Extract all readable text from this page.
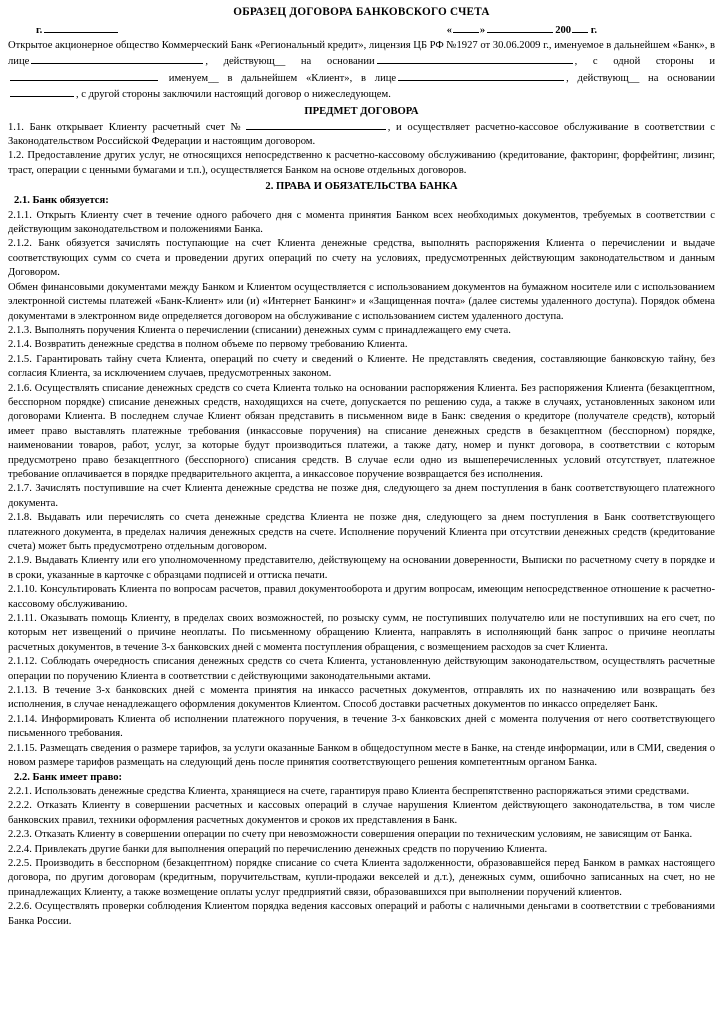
ОБРАЗЕЦ ДОГОВОРА БАНКОВСКОГО СЧЕТА
г.	«	»	200 г.

Открытое акционерное общество Коммерческий Банк «Региональный кредит», лицензия ЦБ РФ №1927 от 30.06.2009 г., именуемое в дальнейшем «Банк», в лице	, действующ__ на основании	, с одной стороны и именуем__ в дальнейшем «Клиент», в лице	, действующ__ на основании, с другой стороны заключили настоящий договор о нижеследующем.

ПРЕДМЕТ ДОГОВОРА

1.1. Банк открывает Клиенту расчетный счет №	, и осуществляет расчетно-кассовое обслуживание в соответствии с Законодательством Российской Федерации и настоящим договором.

1.2. Предоставление других услуг, не относящихся непосредственно к расчетно-кассовому обслуживанию (кредитование, факторинг, форфейтинг, лизинг, траст, операции с ценными бумагами и т.п.), осуществляется Банком на основе отдельных договоров.

2. ПРАВА И ОБЯЗАТЕЛЬСТВА БАНКА

2.1. Банк обязуется:

2.1.1. Открыть Клиенту счет в течение одного рабочего дня с момента принятия Банком всех необходимых документов, требуемых в соответствии с действующим законодательством и положениями Банка.

2.1.2. Банк обязуется зачислять поступающие на счет Клиента денежные средства, выполнять распоряжения Клиента о перечислении и выдаче соответствующих сумм со счета и проведении других операций по счету на условиях, предусмотренных действующим законодательством и данным Договором.

Обмен финансовыми документами между Банком и Клиентом осуществляется с использованием документов на бумажном носителе или с использованием электронной системы платежей «Банк-Клиент» или (и) «Интернет Банкинг» и «Защищенная почта» (далее системы удаленного доступа). Порядок обмена документами в электронном виде определяется договором на обслуживание с использованием систем удаленного доступа.

2.1.3. Выполнять поручения Клиента о перечислении (списании) денежных сумм с принадлежащего ему счета.

2.1.4. Возвратить денежные средства в полном объеме по первому требованию Клиента.

2.1.5. Гарантировать тайну счета Клиента, операций по счету и сведений о Клиенте. Не представлять сведения, составляющие банковскую тайну, без согласия Клиента, за исключением случаев, предусмотренных законом.

2.1.6. Осуществлять списание денежных средств со счета Клиента только на основании распоряжения Клиента. Без распоряжения Клиента (безакцептном, бесспорном порядке) списание денежных средств, находящихся на счете, допускается по решению суда, а также в случаях, установленных законом или договорами Клиента. В последнем случае Клиент обязан представить в письменном виде в Банк: сведения о кредиторе (получателе средств), который имеет право выставлять платежные требования (инкассовые поручения) на списание денежных средств в безакцептном (бесспорном) порядке, наименовании товаров, работ, услуг, за которые будут производиться платежи, а также дату, номер и пункт договора, в соответствии с которым предусмотрено право безакцептного (бесспорного) списания средств. В случае если одно из вышеперечисленных условий отсутствует, платежное требование оплачивается в порядке предварительного акцепта, а инкассовое поручение возвращается без исполнения.

2.1.7. Зачислять поступившие на счет Клиента денежные средства не позже дня, следующего за днем поступления в банк соответствующего платежного документа.

2.1.8. Выдавать или перечислять со счета денежные средства Клиента не позже дня, следующего за днем поступления в Банк соответствующего платежного документа, в пределах наличия денежных средств на счете. Исполнение поручений Клиента при отсутствии денежных средств (кредитование счета) может быть предусмотрено отдельным договором.

2.1.9. Выдавать Клиенту или его уполномоченному представителю, действующему на основании доверенности, Выписки по расчетному счету в порядке и в сроки, указанные в карточке с образцами подписей и оттиска печати.

2.1.10. Консультировать Клиента по вопросам расчетов, правил документооборота и другим вопросам, имеющим непосредственное отношение к расчетно-кассовому обслуживанию.

2.1.11. Оказывать помощь Клиенту, в пределах своих возможностей, по розыску сумм, не поступивших получателю или не поступивших на его счет, по которым нет извещений о причине неоплаты. По письменному обращению Клиента, направлять в исполняющий банк запрос о причине неоплаты расчетных документов, в течение 3-х банковских дней с момента поступления обращения, с возмещением расходов за счет Клиента.

2.1.12. Соблюдать очередность списания денежных средств со счета Клиента, установленную действующим законодательством, осуществлять расчетные операции по поручению Клиента в соответствии с действующими законодательными актами.

2.1.13. В течение 3-х банковских дней с момента принятия на инкассо расчетных документов, отправлять их по назначению или возвращать без исполнения, в случае ненадлежащего оформления документов Клиентом. Способ доставки расчетных документов по инкассо определяет Банк.

2.1.14. Информировать Клиента об исполнении платежного поручения, в течение 3-х банковских дней с момента получения от него соответствующего письменного требования.

2.1.15. Размещать сведения о размере тарифов, за услуги оказанные Банком в общедоступном месте в Банке, на стенде информации, или в СМИ, сведения о новом размере тарифов размещать на следующий день после принятия соответствующего решения компетентным органом Банка.

2.2. Банк имеет право:

2.2.1. Использовать денежные средства Клиента, хранящиеся на счете, гарантируя право Клиента беспрепятственно распоряжаться этими средствами.

2.2.2. Отказать Клиенту в совершении расчетных и кассовых операций в случае нарушения Клиентом действующего законодательства, в том числе банковских правил, техники оформления расчетных документов и сроков их представления в Банк.

2.2.3. Отказать Клиенту в совершении операции по счету при невозможности совершения операции по техническим условиям, не зависящим от Банка.

2.2.4. Привлекать другие банки для выполнения операций по перечислению денежных средств по поручению Клиента.

2.2.5. Производить в бесспорном (безакцептном) порядке списание со счета Клиента задолженности, образовавшейся перед Банком в рамках настоящего договора, по другим договорам (кредитным, поручительствам, купли-продажи векселей и д.т.), денежных сумм, ошибочно записанных на счет, но не принадлежащих Клиенту, а также возмещение оплаты услуг предприятий связи, образовавшихся при выполнении поручений клиентов.

2.2.6. Осуществлять проверки соблюдения Клиентом порядка ведения кассовых операций и работы с наличными деньгами в соответствии с требованиями Банка России.
